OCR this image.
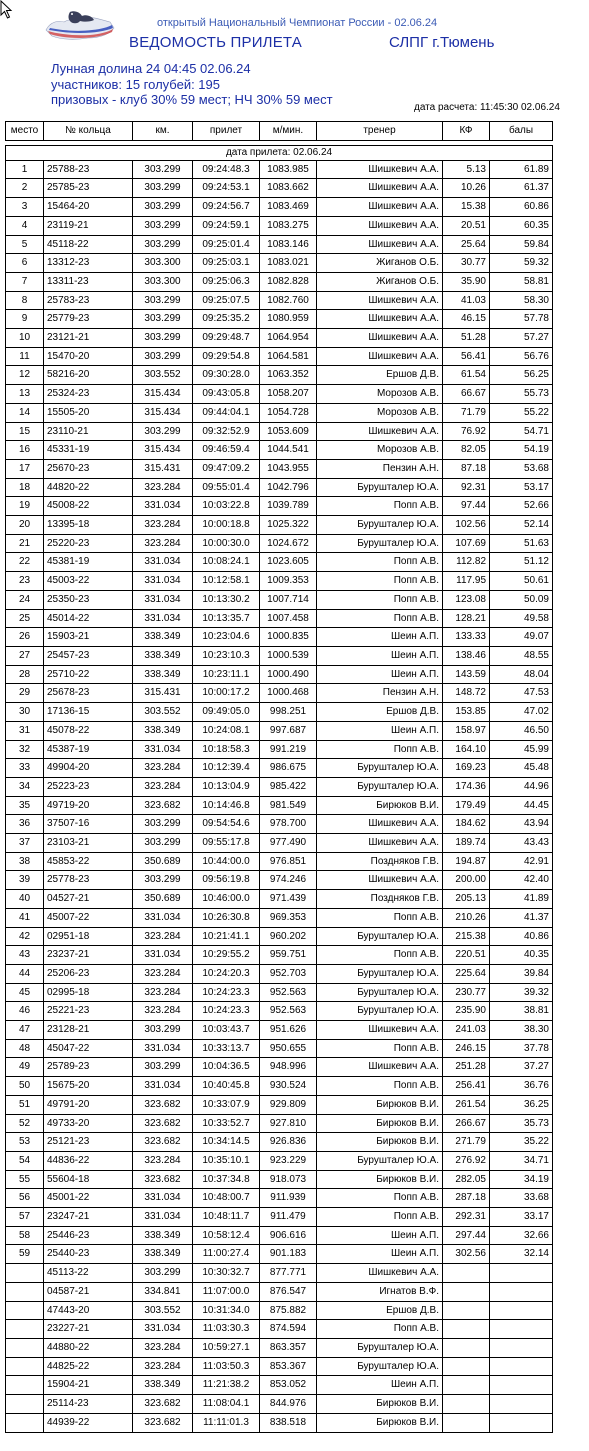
открытый Национальный Чемпионат России - 02.06.24
ВЕДОМОСТЬ ПРИЛЕТА	СЛПГ г.Тюмень
Лунная долина 24 04:45 02.06.24
участников: 15 голубей: 195
призовых - клуб 30% 59 мест; НЧ 30% 59 мест
дата расчета: 11:45:30 02.06.24
место	№ кольца	км.	прилет	м/мин.	тренер	КФ	балы

дата прилета: 02.06.24							
1	25788-23	303.299	09:24:48.3	1083.985	Шишкевич А.А.	5.13	61.89
2	25785-23	303.299	09:24:53.1	1083.662	Шишкевич А.А.	10.26	61.37
3	15464-20	303.299	09:24:56.7	1083.469	Шишкевич А.А.	15.38	60.86
4	23119-21	303.299	09:24:59.1	1083.275	Шишкевич А.А.	20.51	60.35
5	45118-22	303.299	09:25:01.4	1083.146	Шишкевич А.А.	25.64	59.84
6	13312-23	303.300	09:25:03.1	1083.021	Жиганов О.Б.	30.77	59.32
7	13311-23	303.300	09:25:06.3	1082.828	Жиганов О.Б.	35.90	58.81
8	25783-23	303.299	09:25:07.5	1082.760	Шишкевич А.А.	41.03	58.30
9	25779-23	303.299	09:25:35.2	1080.959	Шишкевич А.А.	46.15	57.78
10	23121-21	303.299	09:29:48.7	1064.954	Шишкевич А.А.	51.28	57.27
11	15470-20	303.299	09:29:54.8	1064.581	Шишкевич А.А.	56.41	56.76
12	58216-20	303.552	09:30:28.0	1063.352	Ершов Д.В.	61.54	56.25
13	25324-23	315.434	09:43:05.8	1058.207	Морозов А.В.	66.67	55.73
14	15505-20	315.434	09:44:04.1	1054.728	Морозов А.В.	71.79	55.22
15	23110-21	303.299	09:32:52.9	1053.609	Шишкевич А.А.	76.92	54.71
16	45331-19	315.434	09:46:59.4	1044.541	Морозов А.В.	82.05	54.19
17	25670-23	315.431	09:47:09.2	1043.955	Пензин А.Н.	87.18	53.68
18	44820-22	323.284	09:55:01.4	1042.796	Бурушталер Ю.А.	92.31	53.17
19	45008-22	331.034	10:03:22.8	1039.789	Попп А.В.	97.44	52.66
20	13395-18	323.284	10:00:18.8	1025.322	Бурушталер Ю.А.	102.56	52.14
21	25220-23	323.284	10:00:30.0	1024.672	Бурушталер Ю.А.	107.69	51.63
22	45381-19	331.034	10:08:24.1	1023.605	Попп А.В.	112.82	51.12
23	45003-22	331.034	10:12:58.1	1009.353	Попп А.В.	117.95	50.61
24	25350-23	331.034	10:13:30.2	1007.714	Попп А.В.	123.08	50.09
25	45014-22	331.034	10:13:35.7	1007.458	Попп А.В.	128.21	49.58
26	15903-21	338.349	10:23:04.6	1000.835	Шеин А.П.	133.33	49.07
27	25457-23	338.349	10:23:10.3	1000.539	Шеин А.П.	138.46	48.55
28	25710-22	338.349	10:23:11.1	1000.490	Шеин А.П.	143.59	48.04
29	25678-23	315.431	10:00:17.2	1000.468	Пензин А.Н.	148.72	47.53
30	17136-15	303.552	09:49:05.0	998.251	Ершов Д.В.	153.85	47.02
31	45078-22	338.349	10:24:08.1	997.687	Шеин А.П.	158.97	46.50
32	45387-19	331.034	10:18:58.3	991.219	Попп А.В.	164.10	45.99
33	49904-20	323.284	10:12:39.4	986.675	Бурушталер Ю.А.	169.23	45.48
34	25223-23	323.284	10:13:04.9	985.422	Бурушталер Ю.А.	174.36	44.96
35	49719-20	323.682	10:14:46.8	981.549	Бирюков В.И.	179.49	44.45
36	37507-16	303.299	09:54:54.6	978.700	Шишкевич А.А.	184.62	43.94
37	23103-21	303.299	09:55:17.8	977.490	Шишкевич А.А.	189.74	43.43
38	45853-22	350.689	10:44:00.0	976.851	Поздняков Г.В.	194.87	42.91
39	25778-23	303.299	09:56:19.8	974.246	Шишкевич А.А.	200.00	42.40
40	04527-21	350.689	10:46:00.0	971.439	Поздняков Г.В.	205.13	41.89
41	45007-22	331.034	10:26:30.8	969.353	Попп А.В.	210.26	41.37
42	02951-18	323.284	10:21:41.1	960.202	Бурушталер Ю.А.	215.38	40.86
43	23237-21	331.034	10:29:55.2	959.751	Попп А.В.	220.51	40.35
44	25206-23	323.284	10:24:20.3	952.703	Бурушталер Ю.А.	225.64	39.84
45	02995-18	323.284	10:24:23.3	952.563	Бурушталер Ю.А.	230.77	39.32
46	25221-23	323.284	10:24:23.3	952.563	Бурушталер Ю.А.	235.90	38.81
47	23128-21	303.299	10:03:43.7	951.626	Шишкевич А.А.	241.03	38.30
48	45047-22	331.034	10:33:13.7	950.655	Попп А.В.	246.15	37.78
49	25789-23	303.299	10:04:36.5	948.996	Шишкевич А.А.	251.28	37.27
50	15675-20	331.034	10:40:45.8	930.524	Попп А.В.	256.41	36.76
51	49791-20	323.682	10:33:07.9	929.809	Бирюков В.И.	261.54	36.25
52	49733-20	323.682	10:33:52.7	927.810	Бирюков В.И.	266.67	35.73
53	25121-23	323.682	10:34:14.5	926.836	Бирюков В.И.	271.79	35.22
54	44836-22	323.284	10:35:10.1	923.229	Бурушталер Ю.А.	276.92	34.71
55	55604-18	323.682	10:37:34.8	918.073	Бирюков В.И.	282.05	34.19
56	45001-22	331.034	10:48:00.7	911.939	Попп А.В.	287.18	33.68
57	23247-21	331.034	10:48:11.7	911.479	Попп А.В.	292.31	33.17
58	25446-23	338.349	10:58:12.4	906.616	Шеин А.П.	297.44	32.66
59	25440-23	338.349	11:00:27.4	901.183	Шеин А.П.	302.56	32.14
	45113-22	303.299	10:30:32.7	877.771	Шишкевич А.А.		
	04587-21	334.841	11:07:00.0	876.547	Игнатов В.Ф.		
	47443-20	303.552	10:31:34.0	875.882	Ершов Д.В.		
	23227-21	331.034	11:03:30.3	874.594	Попп А.В.		
	44880-22	323.284	10:59:27.1	863.357	Бурушталер Ю.А.		
	44825-22	323.284	11:03:50.3	853.367	Бурушталер Ю.А.		
	15904-21	338.349	11:21:38.2	853.052	Шеин А.П.		
	25114-23	323.682	11:08:04.1	844.976	Бирюков В.И.		
	44939-22	323.682	11:11:01.3	838.518	Бирюков В.И.		
